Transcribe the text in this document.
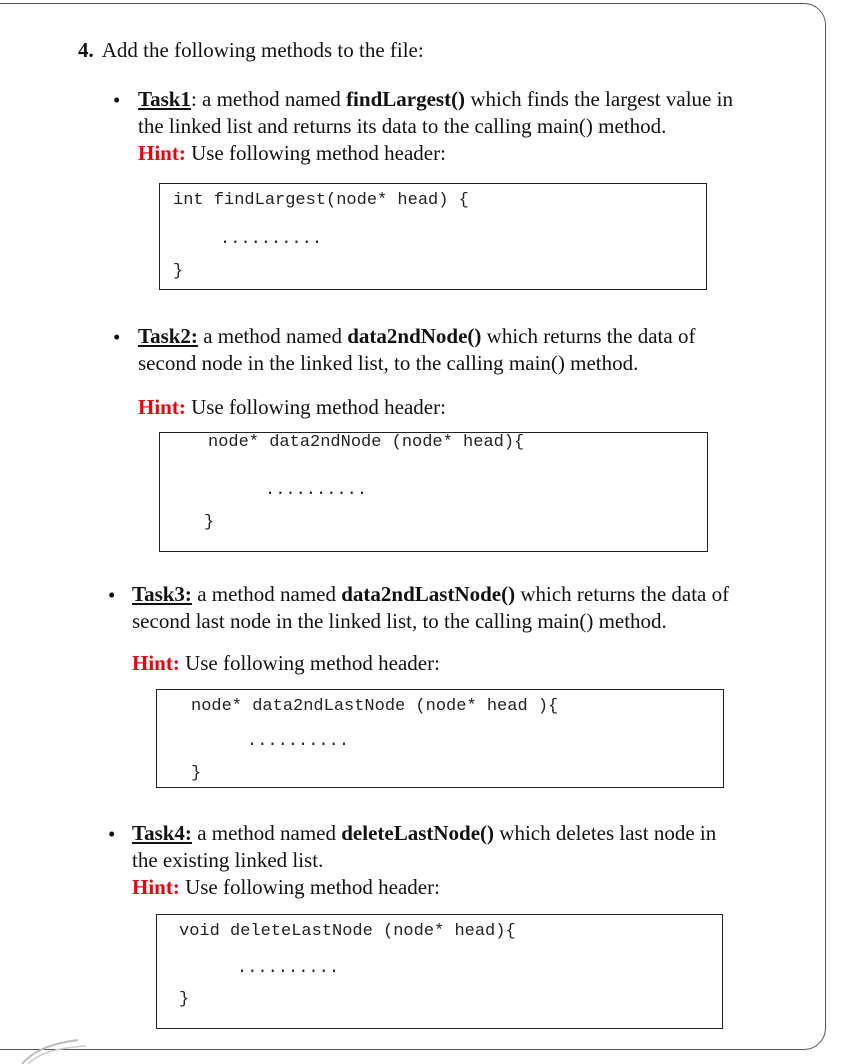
4. Add the following methods to the file:
• Task1: a method named findLargest() which finds the largest value in
the linked list and returns its data to the calling main() method.
Hint: Use following method header:
int findLargest(node* head) {
..........
}
• Task2: a method named data2ndNode() which returns the data of
second node in the linked list, to the calling main() method.
Hint: Use following method header:
node* data2ndNode (node* head){
..........
}
• Task3: a method named data2ndLastNode() which returns the data of
second last node in the linked list, to the calling main() method.
Hint: Use following method header:
node* data2ndLastNode (node* head ){
..........
}
• Task4: a method named deleteLastNode() which deletes last node in
the existing linked list.
Hint: Use following method header:
void deleteLastNode (node* head){
..........
}
